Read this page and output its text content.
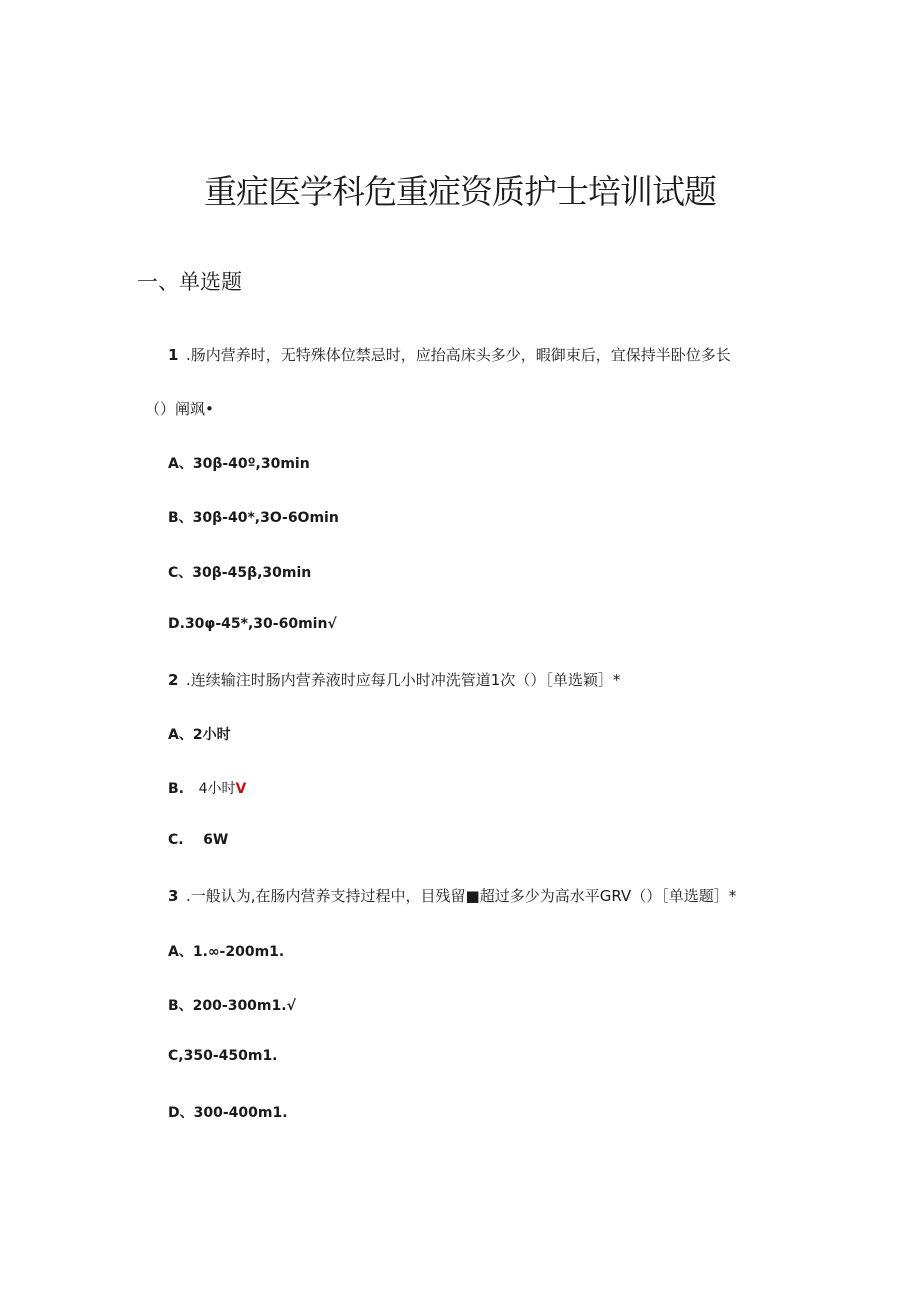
重症医学科危重症资质护士培训试题
一、单选题
1 .肠内营养时，无特殊体位禁忌时，应抬高床头多少，暇御束后，宜保持半卧位多长
（）阐飒•
A、30β-40º,30min
B、30β-40*,3O-6Omin
C、30β-45β,30min
D.30φ-45*,30-60min√
2 .连续输注时肠内营养液时应每几小时冲洗管道1次（）［单选颖］*
A、2小时
B. 4小时V
C.    6W
3 .一般认为,在肠内营养支持过程中，目残留■超过多少为高水平GRV（）［单选题］*
A、1.∞-200m1.
B、200-300m1.√
C,350-450m1.
D、300-400m1.
